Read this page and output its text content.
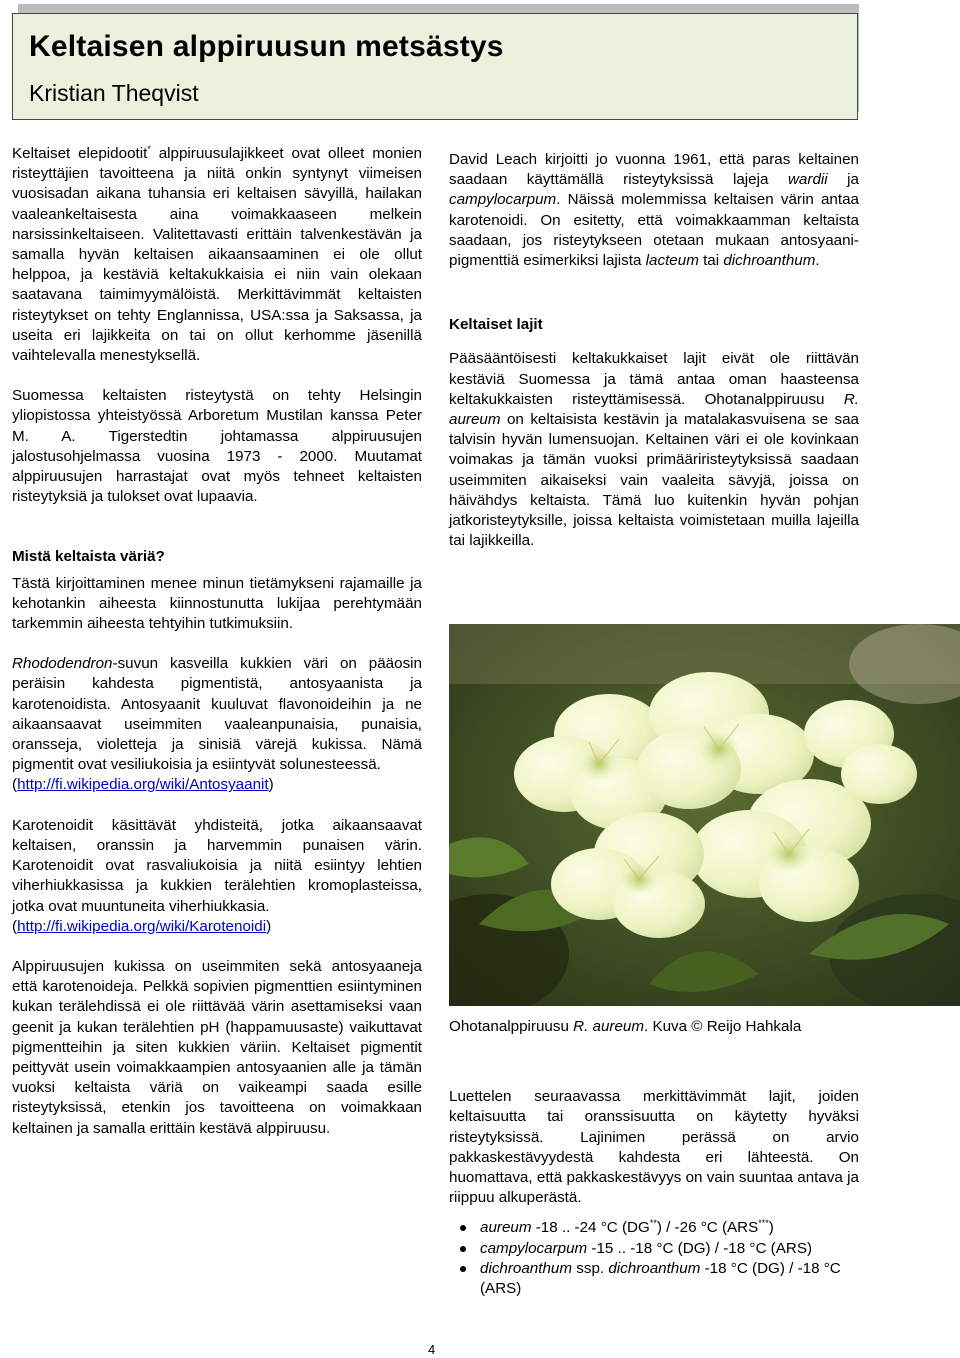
Keltaisen alppiruusun metsästys
Kristian Theqvist

Keltaiset elepidootit* alppiruusulajikkeet ovat olleet monien risteyttäjien tavoitteena ja niitä onkin syntynyt viimeisen vuosisadan aikana tuhansia eri keltaisen sävyillä, hailakan vaaleankeltaisesta aina voimakkaaseen melkein narsissinkeltaiseen. Valitettavasti erittäin talvenkestävän ja samalla hyvän keltaisen aikaansaaminen ei ole ollut helppoa, ja kestäviä keltakukkaisia ei niin vain olekaan saatavana taimimyymälöistä. Merkittävimmät keltaisten risteytykset on tehty Englannissa, USA:ssa ja Saksassa, ja useita eri lajikkeita on tai on ollut kerhomme jäsenillä vaihtelevalla menestyksellä.

Suomessa keltaisten risteytystä on tehty Helsingin yliopistossa yhteistyössä Arboretum Mustilan kanssa Peter M. A. Tigerstedtin johtamassa alppiruusujen jalostusohjelmassa vuosina 1973 - 2000. Muutamat alppiruusujen harrastajat ovat myös tehneet keltaisten risteytyksiä ja tulokset ovat lupaavia.

Mistä keltaista väriä?

Tästä kirjoittaminen menee minun tietämykseni rajamaille ja kehotankin aiheesta kiinnostunutta lukijaa perehtymään tarkemmin aiheesta tehtyihin tutkimuksiin.

Rhododendron-suvun kasveilla kukkien väri on pääosin peräisin kahdesta pigmentistä, antosyaanista ja karotenoidista. Antosyaanit kuuluvat flavonoideihin ja ne aikaansaavat useimmiten vaaleanpunaisia, punaisia, oransseja, violetteja ja sinisiä värejä kukissa. Nämä pigmentit ovat vesiliukoisia ja esiintyvät solunesteessä.
(http://fi.wikipedia.org/wiki/Antosyaanit)

Karotenoidit käsittävät yhdisteitä, jotka aikaansaavat keltaisen, oranssin ja harvemmin punaisen värin. Karotenoidit ovat rasvaliukoisia ja niitä esiintyy lehtien viherhiukkasissa ja kukkien terälehtien kromoplasteissa, jotka ovat muuntuneita viherhiukkasia.
(http://fi.wikipedia.org/wiki/Karotenoidi)

Alppiruusujen kukissa on useimmiten sekä antosyaaneja että karotenoideja. Pelkkä sopivien pigmenttien esiintyminen kukan terälehdissä ei ole riittävää värin asettamiseksi vaan geenit ja kukan terälehtien pH (happamuusaste) vaikuttavat pigmentteihin ja siten kukkien väriin. Keltaiset pigmentit peittyvät usein voimakkaampien antosyaanien alle ja tämän vuoksi keltaista väriä on vaikeampi saada esille risteytyksissä, etenkin jos tavoitteena on voimakkaan keltainen ja samalla erittäin kestävä alppiruusu.

David Leach kirjoitti jo vuonna 1961, että paras keltainen saadaan käyttämällä risteytyksissä lajeja wardii ja campylocarpum. Näissä molemmissa keltaisen värin antaa karotenoidi. On esitetty, että voimakkaamman keltaista saadaan, jos risteytykseen otetaan mukaan antosyaani-pigmenttiä esimerkiksi lajista lacteum tai dichroanthum.

Keltaiset lajit

Pääsääntöisesti keltakukkaiset lajit eivät ole riittävän kestäviä Suomessa ja tämä antaa oman haasteensa keltakukkaisten risteyttämisessä. Ohotanalppiruusu R. aureum on keltaisista kestävin ja matalakasvuisena se saa talvisin hyvän lumensuojan. Keltainen väri ei ole kovinkaan voimakas ja tämän vuoksi primääriristeytyksissä saadaan useimmiten aikaiseksi vain vaaleita sävyjä, joissa on häivähdys keltaista. Tämä luo kuitenkin hyvän pohjan jatkoristeytyksille, joissa keltaista voimistetaan muilla lajeilla tai lajikkeilla.

Ohotanalppiruusu R. aureum. Kuva © Reijo Hahkala

Luettelen seuraavassa merkittävimmät lajit, joiden keltaisuutta tai oranssisuutta on käytetty hyväksi risteytyksissä. Lajinimen perässä on arvio pakkaskestävyydestä kahdesta eri lähteestä. On huomattava, että pakkaskestävyys on vain suuntaa antava ja riippuu alkuperästä.

aureum -18 .. -24 °C (DG**) / -26 °C (ARS***)
campylocarpum -15 .. -18 °C (DG) / -18 °C (ARS)
dichroanthum ssp. dichroanthum -18 °C (DG) / -18 °C (ARS)
4
